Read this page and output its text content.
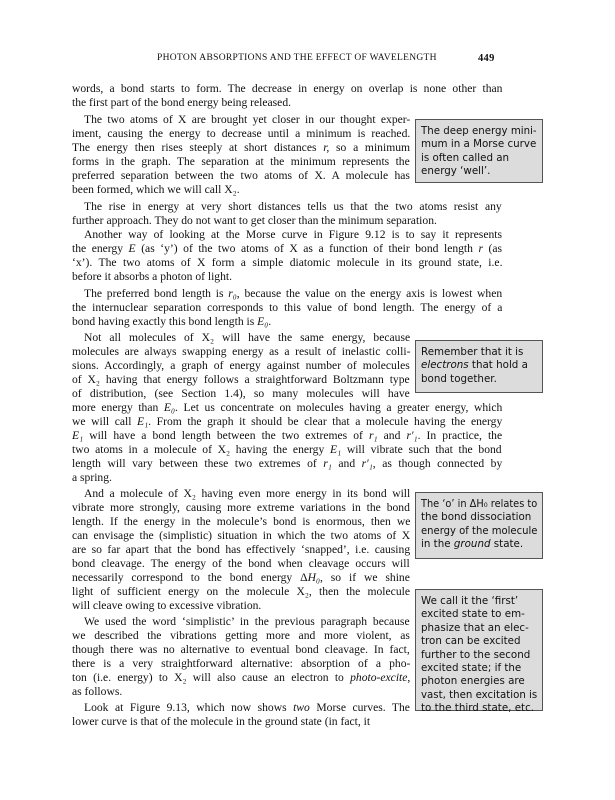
PHOTON ABSORPTIONS AND THE EFFECT OF WAVELENGTH	449
words, a bond starts to form. The decrease in energy on overlap is none other than
the first part of the bond energy being released.
The two atoms of X are brought yet closer in our thought exper-
iment, causing the energy to decrease until a minimum is reached.
The energy then rises steeply at short distances r, so a minimum
forms in the graph. The separation at the minimum represents the
preferred separation between the two atoms of X. A molecule has
been formed, which we will call X₂.
The rise in energy at very short distances tells us that the two atoms resist any
further approach. They do not want to get closer than the minimum separation.
Another way of looking at the Morse curve in Figure 9.12 is to say it represents
the energy E (as ‘y’) of the two atoms of X as a function of their bond length r (as
‘x’). The two atoms of X form a simple diatomic molecule in its ground state, i.e.
before it absorbs a photon of light.
The preferred bond length is r₀, because the value on the energy axis is lowest when
the internuclear separation corresponds to this value of bond length. The energy of a
bond having exactly this bond length is E₀.
Not all molecules of X₂ will have the same energy, because
molecules are always swapping energy as a result of inelastic colli-
sions. Accordingly, a graph of energy against number of molecules
of X₂ having that energy follows a straightforward Boltzmann type
of distribution, (see Section 1.4), so many molecules will have
more energy than E₀. Let us concentrate on molecules having a greater energy, which
we will call E₁. From the graph it should be clear that a molecule having the energy
E₁ will have a bond length between the two extremes of r₁ and r′₁. In practice, the
two atoms in a molecule of X₂ having the energy E₁ will vibrate such that the bond
length will vary between these two extremes of r₁ and r′₁, as though connected by
a spring.
And a molecule of X₂ having even more energy in its bond will
vibrate more strongly, causing more extreme variations in the bond
length. If the energy in the molecule’s bond is enormous, then we
can envisage the (simplistic) situation in which the two atoms of X
are so far apart that the bond has effectively ‘snapped’, i.e. causing
bond cleavage. The energy of the bond when cleavage occurs will
necessarily correspond to the bond energy ΔH₀, so if we shine
light of sufficient energy on the molecule X₂, then the molecule
will cleave owing to excessive vibration.
We used the word ‘simplistic’ in the previous paragraph because
we described the vibrations getting more and more violent, as
though there was no alternative to eventual bond cleavage. In fact,
there is a very straightforward alternative: absorption of a pho-
ton (i.e. energy) to X₂ will also cause an electron to photo-excite,
as follows.
Look at Figure 9.13, which now shows two Morse curves. The
lower curve is that of the molecule in the ground state (in fact, it
The deep energy mini-
mum in a Morse curve
is often called an
energy ‘well’.
Remember that it is
electrons that hold a
bond together.
The ‘o’ in ΔH₀ relates to
the bond dissociation
energy of the molecule
in the ground state.
We call it the ‘first’
excited state to em-
phasize that an elec-
tron can be excited
further to the second
excited state; if the
photon energies are
vast, then excitation is
to the third state, etc.
